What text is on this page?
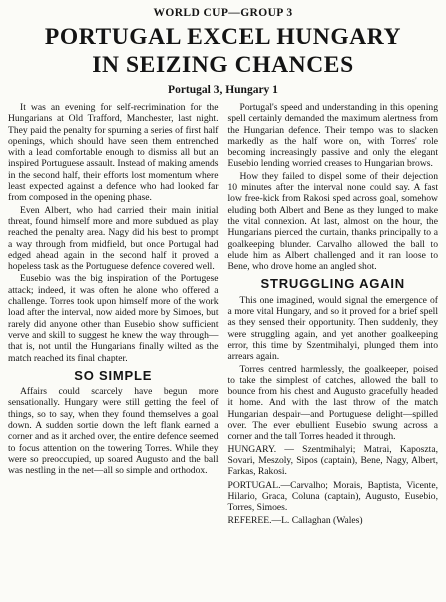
WORLD CUP—GROUP 3
PORTUGAL EXCEL HUNGARY
IN SEIZING CHANCES
Portugal 3, Hungary 1

It was an evening for self-recrimination for the Hungarians at Old Trafford, Manchester, last night. They paid the penalty for spurning a series of first half openings, which should have seen them entrenched with a lead comfortable enough to dismiss all but an inspired Portuguese assault. Instead of making amends in the second half, their efforts lost momentum where least expected against a defence who had looked far from composed in the opening phase.

Even Albert, who had carried their main initial threat, found himself more and more subdued as play reached the penalty area. Nagy did his best to prompt a way through from midfield, but once Portugal had edged ahead again in the second half it proved a hopeless task as the Portuguese defence covered well.

Eusebio was the big inspiration of the Portugese attack; indeed, it was often he alone who offered a challenge. Torres took upon himself more of the work load after the interval, now aided more by Simoes, but rarely did anyone other than Eusebio show sufficient verve and skill to suggest he knew the way through—that is, not until the Hungarians finally wilted as the match reached its final chapter.

SO SIMPLE

Affairs could scarcely have begun more sensationally. Hungary were still getting the feel of things, so to say, when they found themselves a goal down. A sudden sortie down the left flank earned a corner and as it arched over, the entire defence seemed to focus attention on the towering Torres. While they were so preoccupied, up soared Augusto and the ball was nestling in the net—all so simple and orthodox.

Portugal's speed and understanding in this opening spell certainly demanded the maximum alertness from the Hungarian defence. Their tempo was to slacken markedly as the half wore on, with Torres' role becoming increasingly passive and only the elegant Eusebio lending worried creases to Hungarian brows.

How they failed to dispel some of their dejection 10 minutes after the interval none could say. A fast low free-kick from Rakosi sped across goal, somehow eluding both Albert and Bene as they lunged to make the vital connexion. At last, almost on the hour, the Hungarians pierced the curtain, thanks principally to a goalkeeping blunder. Carvalho allowed the ball to elude him as Albert challenged and it ran loose to Bene, who drove home an angled shot.

STRUGGLING AGAIN

This one imagined, would signal the emergence of a more vital Hungary, and so it proved for a brief spell as they sensed their opportunity. Then suddenly, they were struggling again, and yet another goalkeeping error, this time by Szentmihalyi, plunged them into arrears again.

Torres centred harmlessly, the goalkeeper, poised to take the simplest of catches, allowed the ball to bounce from his chest and Augusto gracefully headed it home. And with the last throw of the match Hungarian despair—and Portuguese delight—spilled over. The ever ebullient Eusebio swung across a corner and the tall Torres headed it through.

HUNGARY. — Szentmihalyi; Matrai, Kaposzta, Sovari, Meszoly, Sipos (captain), Bene, Nagy, Albert, Farkas, Rakosi.

PORTUGAL.—Carvalho; Morais, Baptista, Vicente, Hilario, Graca, Coluna (captain), Augusto, Eusebio, Torres, Simoes.

REFEREE.—L. Callaghan (Wales)
